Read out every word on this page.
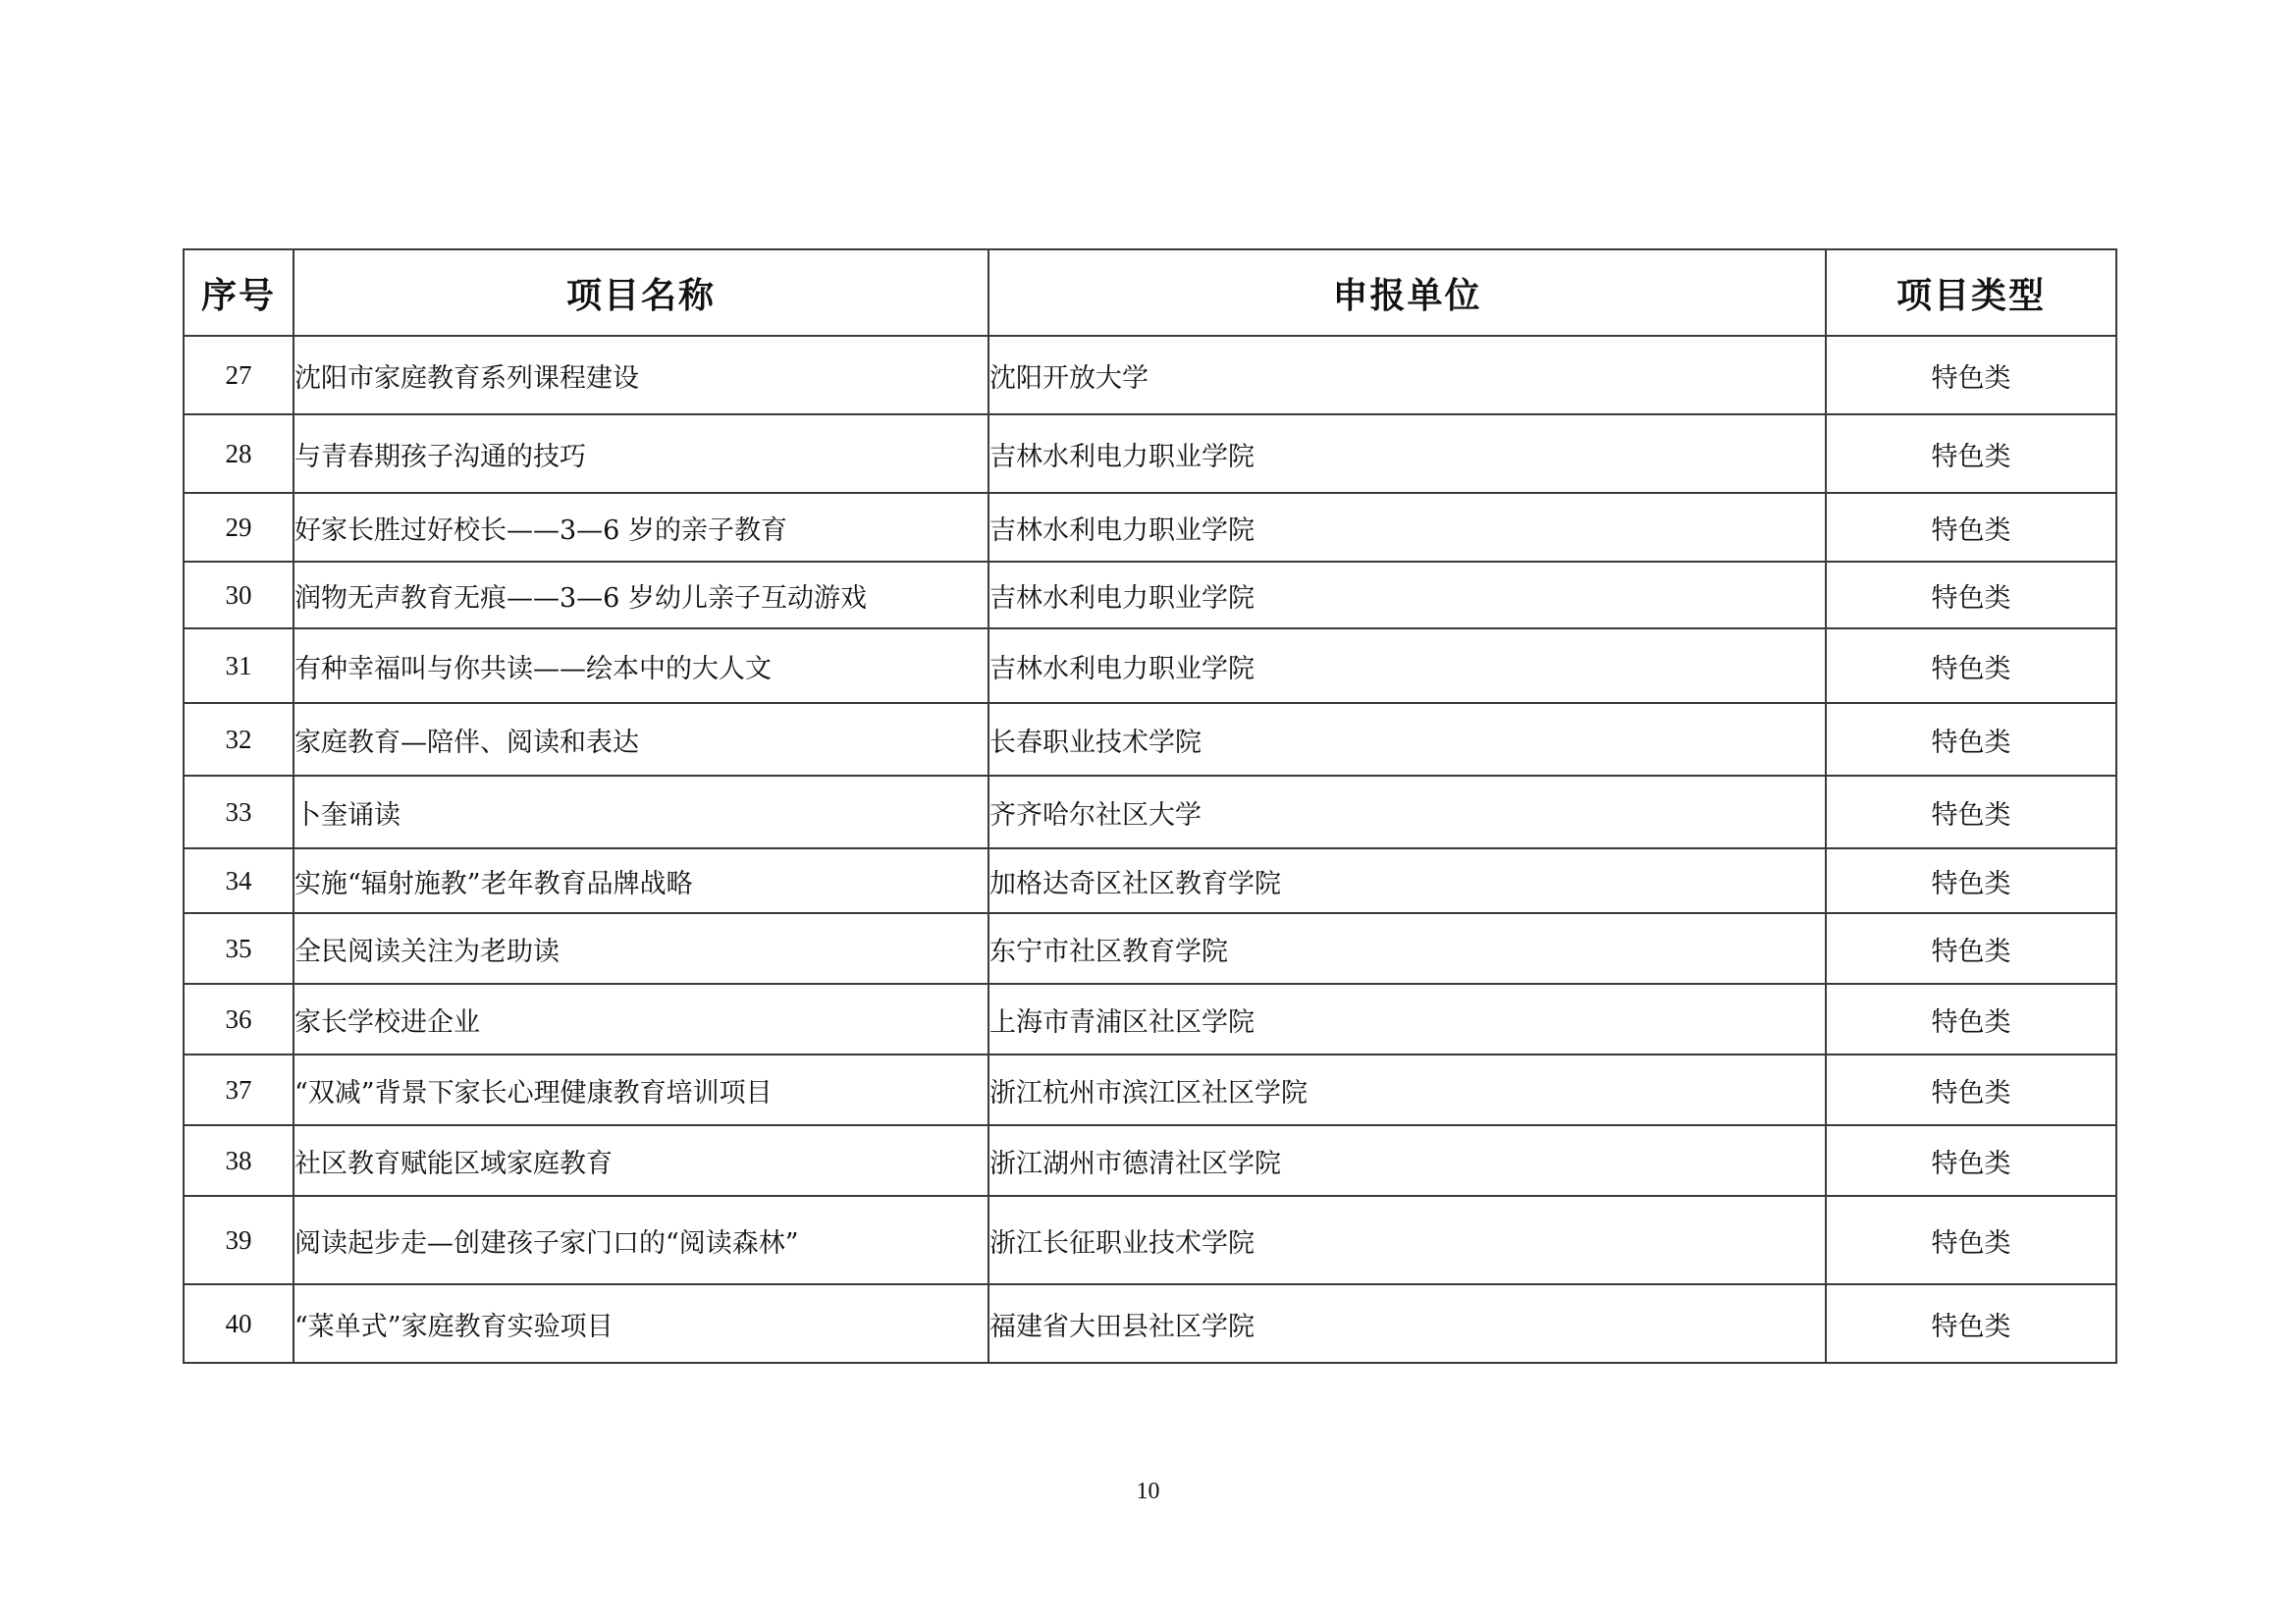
序号	项目名称	申报单位	项目类型
27	沈阳市家庭教育系列课程建设	沈阳开放大学	特色类
28	与青春期孩子沟通的技巧	吉林水利电力职业学院	特色类
29	好家长胜过好校长——3—6 岁的亲子教育	吉林水利电力职业学院	特色类
30	润物无声教育无痕——3—6 岁幼儿亲子互动游戏	吉林水利电力职业学院	特色类
31	有种幸福叫与你共读——绘本中的大人文	吉林水利电力职业学院	特色类
32	家庭教育—陪伴、阅读和表达	长春职业技术学院	特色类
33	卜奎诵读	齐齐哈尔社区大学	特色类
34	实施“辐射施教”老年教育品牌战略	加格达奇区社区教育学院	特色类
35	全民阅读关注为老助读	东宁市社区教育学院	特色类
36	家长学校进企业	上海市青浦区社区学院	特色类
37	“双减”背景下家长心理健康教育培训项目	浙江杭州市滨江区社区学院	特色类
38	社区教育赋能区域家庭教育	浙江湖州市德清社区学院	特色类
39	阅读起步走—创建孩子家门口的“阅读森林”	浙江长征职业技术学院	特色类
40	“菜单式”家庭教育实验项目	福建省大田县社区学院	特色类
10
